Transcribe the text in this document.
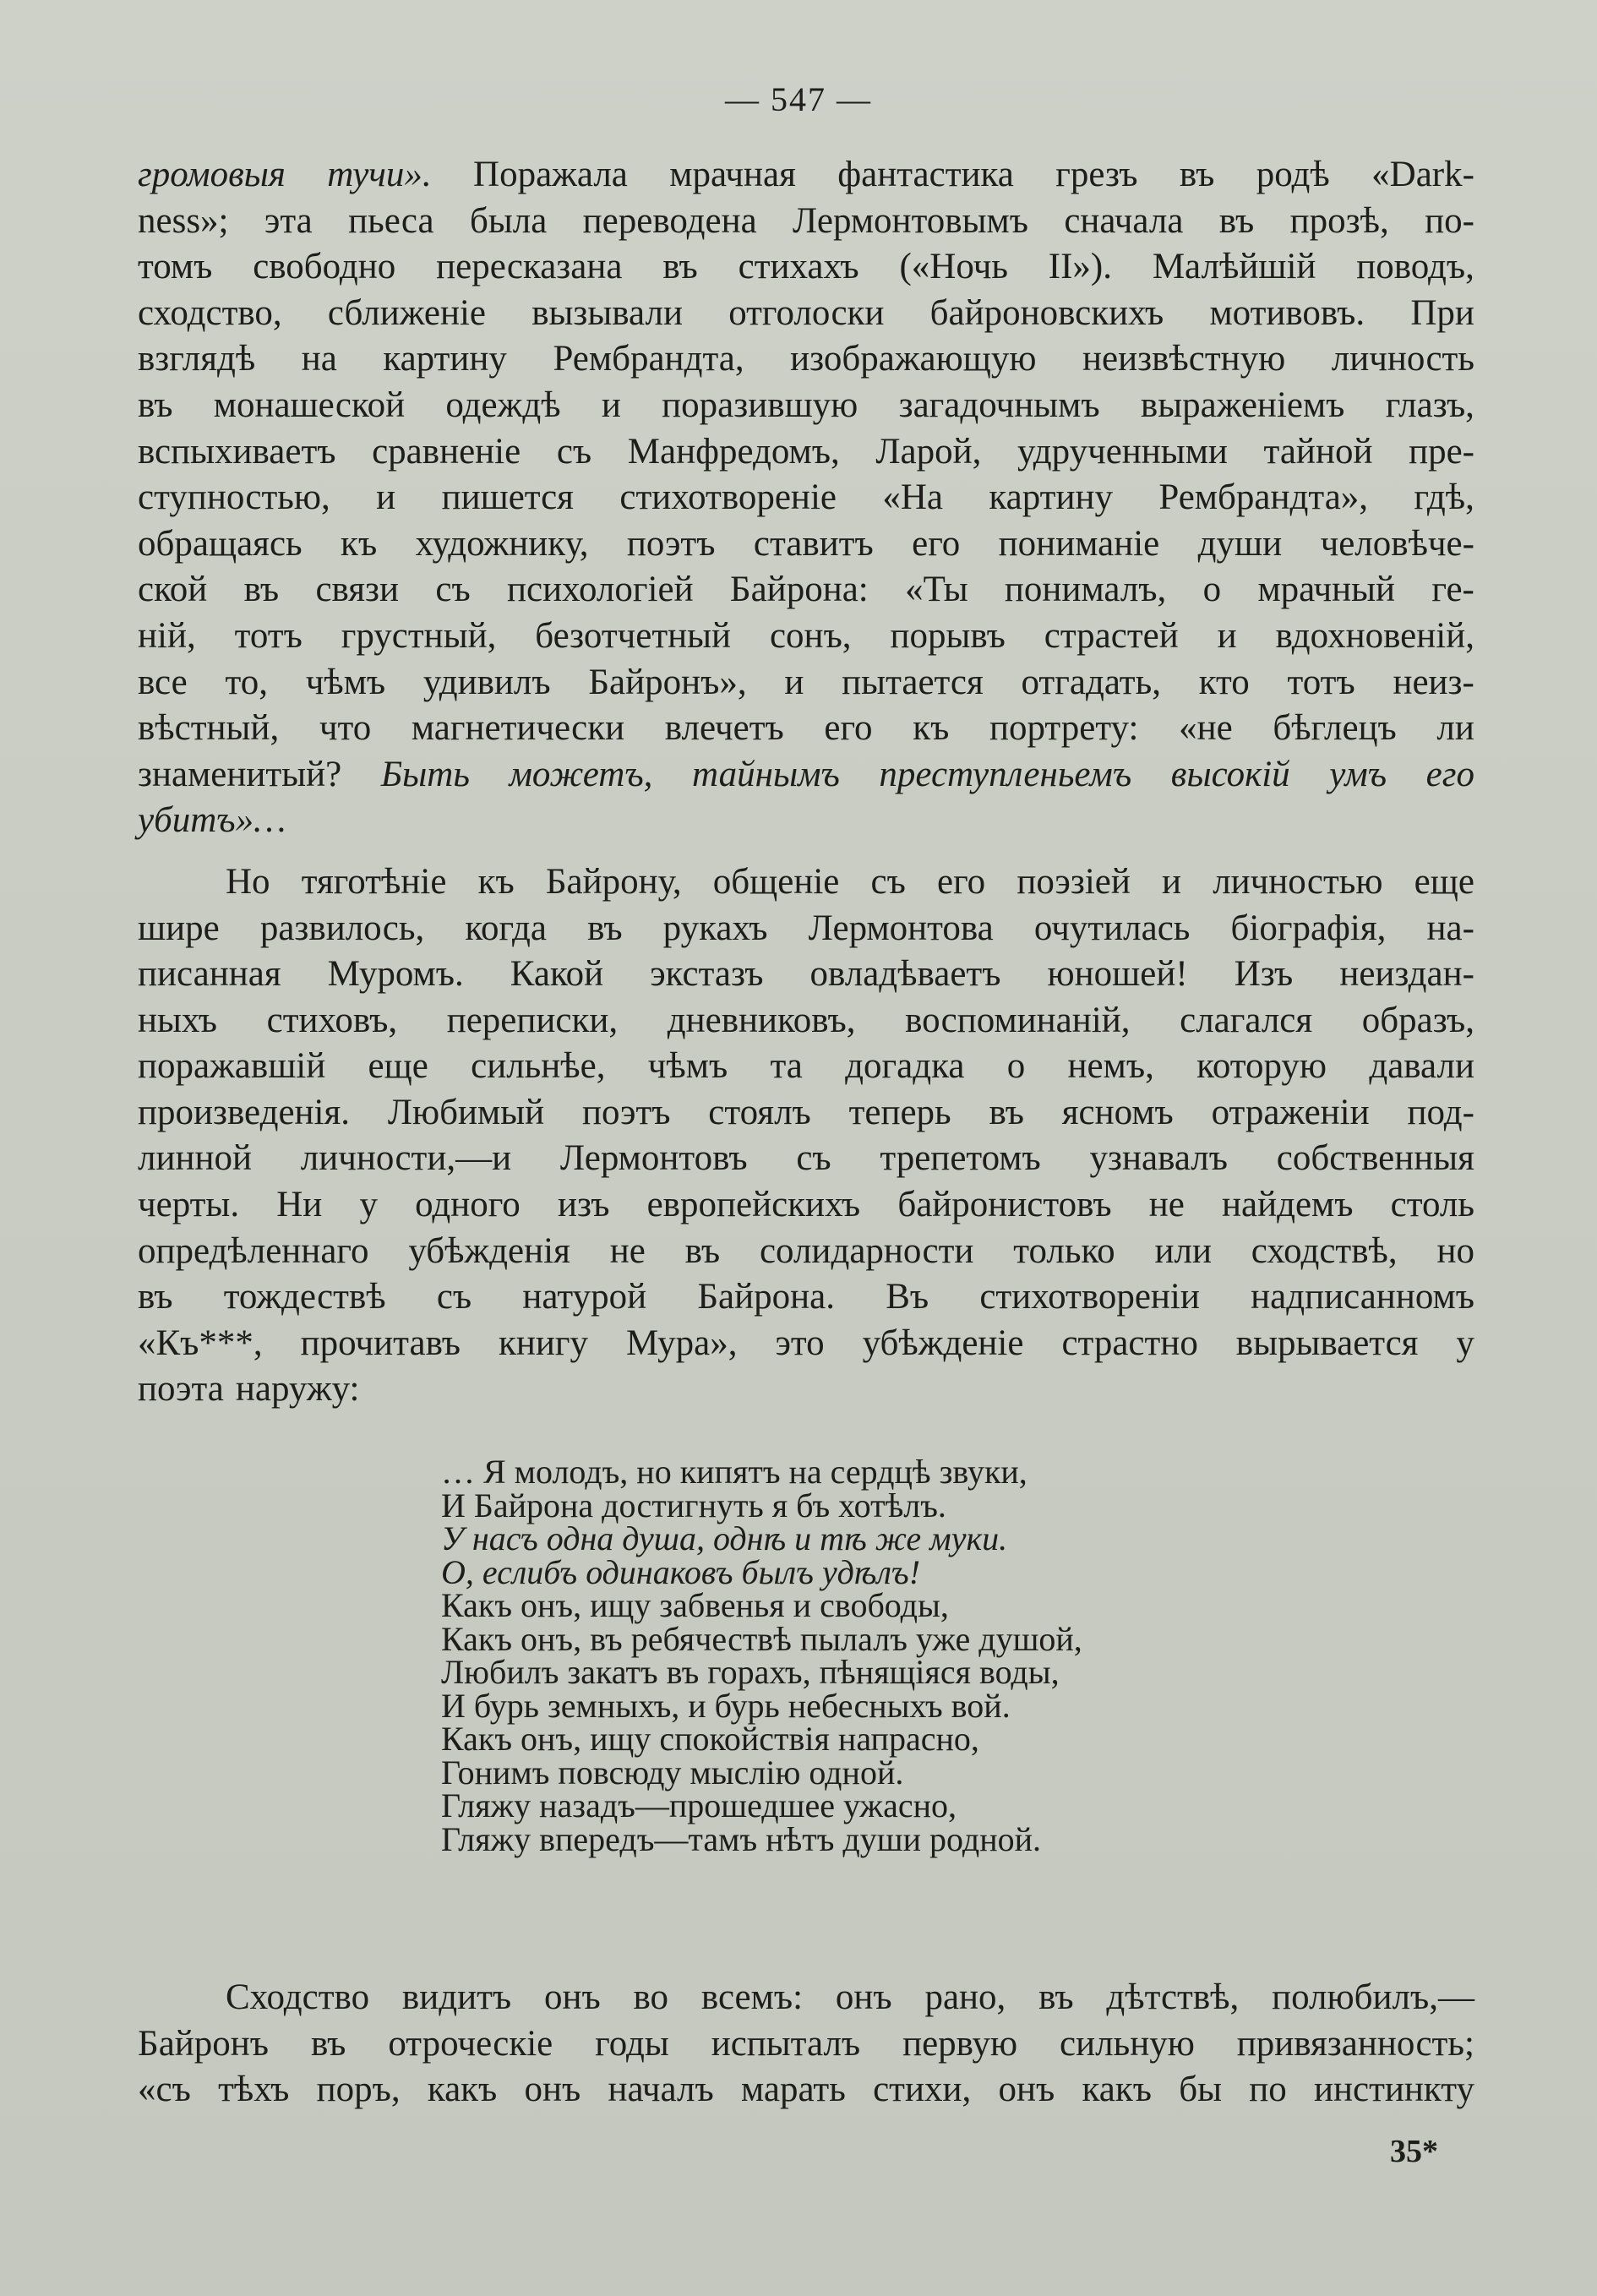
— 547 —
громовыя тучи». Поражала мрачная фантастика грезъ въ родѣ «Dark-
ness»; эта пьеса была переводена Лермонтовымъ сначала въ прозѣ, по-
томъ свободно пересказана въ стихахъ («Ночь II»). Малѣйшій поводъ,
сходство, сближеніе вызывали отголоски байроновскихъ мотивовъ. При
взглядѣ на картину Рембрандта, изображающую неизвѣстную личность
въ монашеской одеждѣ и поразившую загадочнымъ выраженіемъ глазъ,
вспыхиваетъ сравненіе съ Манфредомъ, Ларой, удрученными тайной пре-
ступностью, и пишется стихотвореніе «На картину Рембрандта», гдѣ,
обращаясь къ художнику, поэтъ ставитъ его пониманіе души человѣче-
ской въ связи съ психологіей Байрона: «Ты понималъ, о мрачный ге-
ній, тотъ грустный, безотчетный сонъ, порывъ страстей и вдохновеній,
все то, чѣмъ удивилъ Байронъ», и пытается отгадать, кто тотъ неиз-
вѣстный, что магнетически влечетъ его къ портрету: «не бѣглецъ ли
знаменитый? Быть можетъ, тайнымъ преступленьемъ высокій умъ его
убитъ»…
Но тяготѣніе къ Байрону, общеніе съ его поэзіей и личностью еще
шире развилось, когда въ рукахъ Лермонтова очутилась біографія, на-
писанная Муромъ. Какой экстазъ овладѣваетъ юношей! Изъ неиздан-
ныхъ стиховъ, переписки, дневниковъ, воспоминаній, слагался образъ,
поражавшій еще сильнѣе, чѣмъ та догадка о немъ, которую давали
произведенія. Любимый поэтъ стоялъ теперь въ ясномъ отраженіи под-
линной личности,—и Лермонтовъ съ трепетомъ узнавалъ собственныя
черты. Ни у одного изъ европейскихъ байронистовъ не найдемъ столь
опредѣленнаго убѣжденія не въ солидарности только или сходствѣ, но
въ тождествѣ съ натурой Байрона. Въ стихотвореніи надписанномъ
«Къ***, прочитавъ книгу Мура», это убѣжденіе страстно вырывается у
поэта наружу:
… Я молодъ, но кипятъ на сердцѣ звуки,
И Байрона достигнуть я бъ хотѣлъ.
У насъ одна душа, однѣ и тѣ же муки.
О, еслибъ одинаковъ былъ удѣлъ!
Какъ онъ, ищу забвенья и свободы,
Какъ онъ, въ ребячествѣ пылалъ уже душой,
Любилъ закатъ въ горахъ, пѣнящіяся воды,
И бурь земныхъ, и бурь небесныхъ вой.
Какъ онъ, ищу спокойствія напрасно,
Гонимъ повсюду мыслію одной.
Гляжу назадъ—прошедшее ужасно,
Гляжу впередъ—тамъ нѣтъ души родной.
Сходство видитъ онъ во всемъ: онъ рано, въ дѣтствѣ, полюбилъ,—
Байронъ въ отроческіе годы испыталъ первую сильную привязанность;
«съ тѣхъ поръ, какъ онъ началъ марать стихи, онъ какъ бы по инстинкту
35*
